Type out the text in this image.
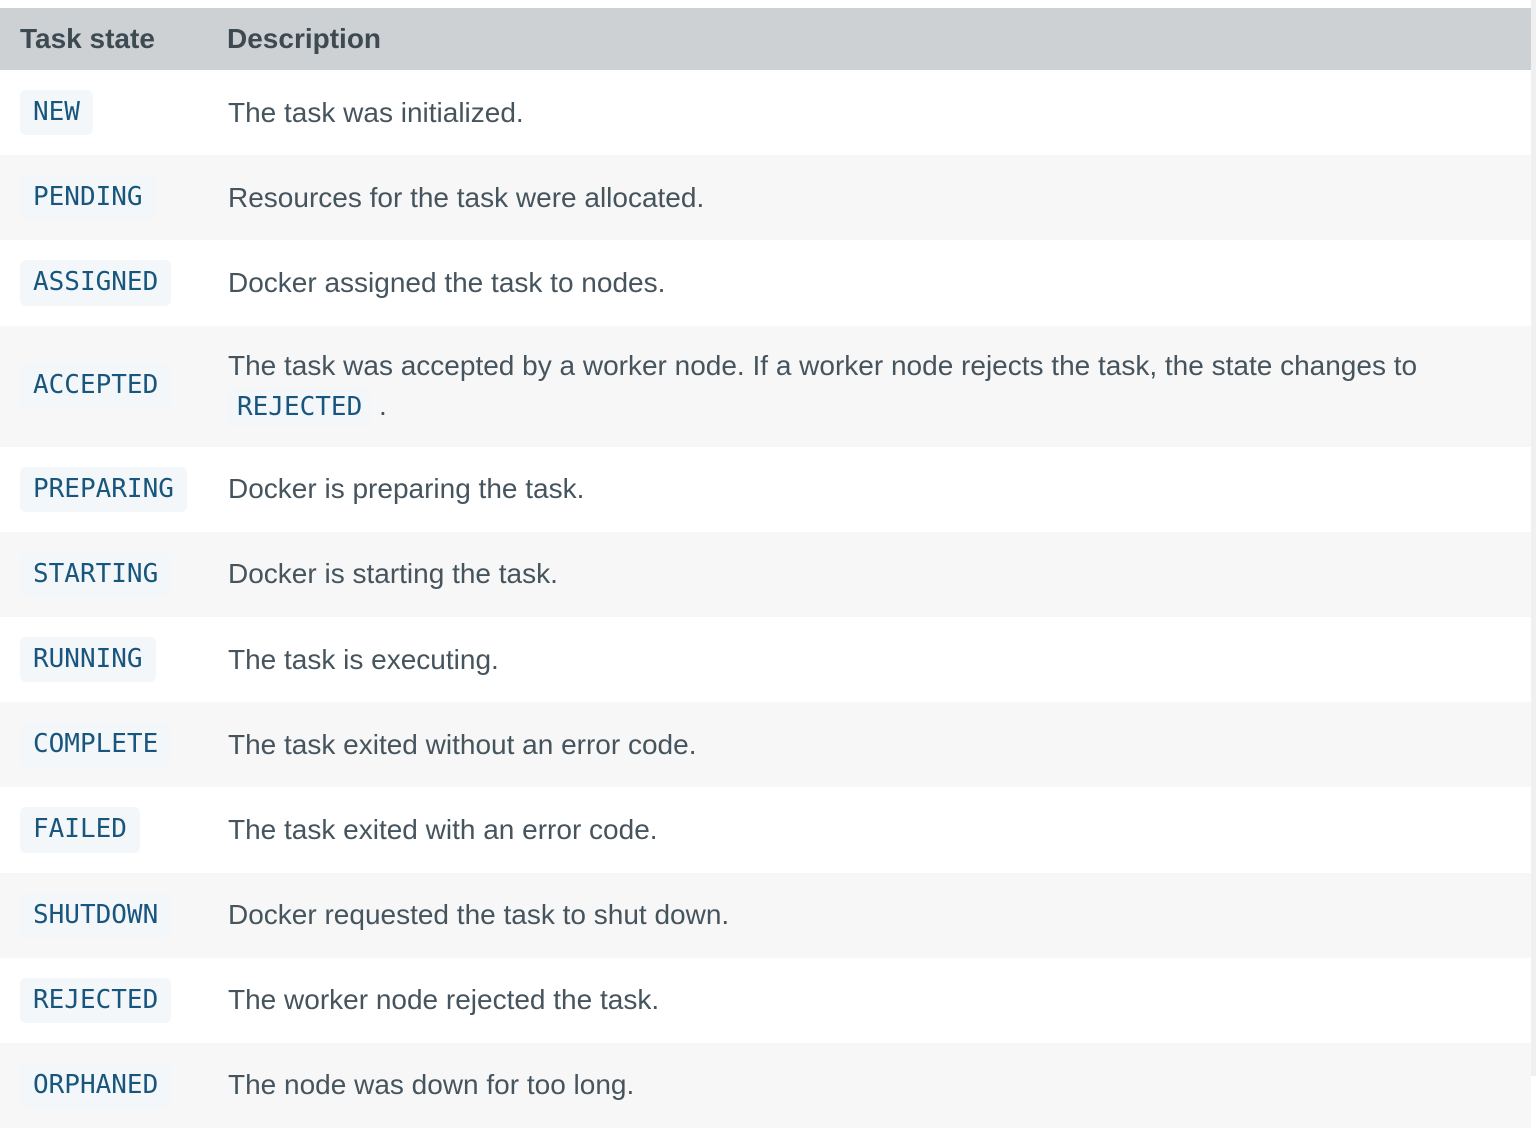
Task state	Description
NEW	The task was initialized.
PENDING	Resources for the task were allocated.
ASSIGNED	Docker assigned the task to nodes.
ACCEPTED	The task was accepted by a worker node. If a worker node rejects the task, the state changes to REJECTED .
PREPARING	Docker is preparing the task.
STARTING	Docker is starting the task.
RUNNING	The task is executing.
COMPLETE	The task exited without an error code.
FAILED	The task exited with an error code.
SHUTDOWN	Docker requested the task to shut down.
REJECTED	The worker node rejected the task.
ORPHANED	The node was down for too long.
